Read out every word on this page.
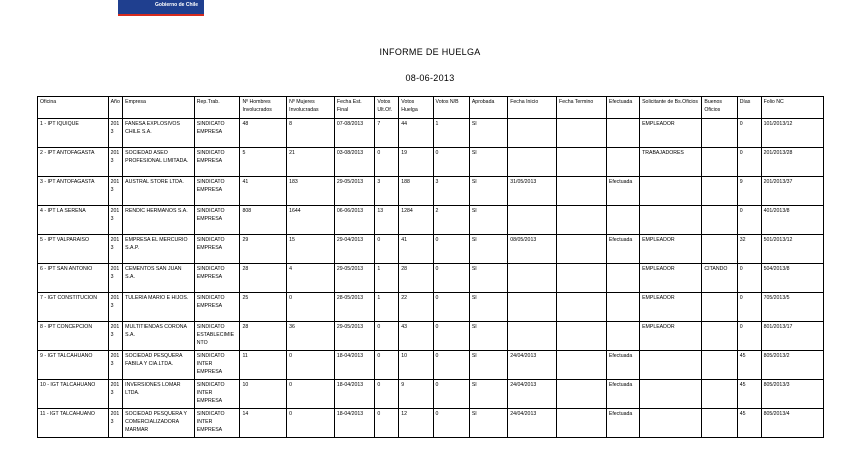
Gobierno de Chile
INFORME DE HUELGA
08-06-2013
Oficina	Año	Empresa	Rep.Trab.	Nº Hombres Involucrados	Nº Mujeres Involucradas	Fecha Est. Final	Votos Ult.Of.	Votos Huelga	Votos N/B	Aprobada	Fecha Inicio	Fecha Termino	Efectuada	Solicitante de Bs.Oficios	Buenos Oficios	Días	Folio NC
1 - IPT IQUIQUE	2013	FANESA EXPLOSIVOS CHILE S.A.	SINDICATO EMPRESA	48	8	07-08/2013	7	44	1	SI				EMPLEADOR		0	101/2013/12
2 - IPT ANTOFAGASTA	2013	SOCIEDAD ASEO PROFESIONAL LIMITADA.	SINDICATO EMPRESA	5	21	03-08/2013	0	19	0	SI				TRABAJADORES		0	201/2013/28
3 - IPT ANTOFAGASTA	2013	AUSTRAL STORE LTDA.	SINDICATO EMPRESA	41	183	29-05/2013	3	188	3	SI	31/05/2013		Efectuada			9	201/2013/37
4 - IPT LA SERENA	2013	RENDIC HERMANOS S.A.	SINDICATO EMPRESA	808	1644	06-06/2013	13	1284	2	SI						0	401/2013/8
5 - IPT VALPARAISO	2013	EMPRESA EL MERCURIO S.A.P.	SINDICATO EMPRESA	29	15	29-04/2013	0	41	0	SI	08/05/2013		Efectuada	EMPLEADOR		32	501/2013/12
6 - IPT SAN ANTONIO	2013	CEMENTOS SAN JUAN S.A.	SINDICATO EMPRESA	28	4	29-05/2013	1	28	0	SI				EMPLEADOR	CITANDO	0	504/2013/8
7 - IGT CONSTITUCION	2013	TULERIA MARIO E HIJOS.	SINDICATO EMPRESA	25	0	28-05/2013	1	22	0	SI				EMPLEADOR		0	705/2013/5
8 - IPT CONCEPCION	2013	MULTITIENDAS CORONA S.A.	SINDICATO ESTABLECIMIENTO	28	36	29-05/2013	0	43	0	SI				EMPLEADOR		0	801/2013/17
9 - IGT TALCAHUANO	2013	SOCIEDAD PESQUERA FABILA Y CIA.LTDA.	SINDICATO INTER EMPRESA	11	0	18-04/2013	0	10	0	SI	24/04/2013		Efectuada			45	805/2013/2
10 - IGT TALCAHUANO	2013	INVERSIONES LOMAR LTDA.	SINDICATO INTER EMPRESA	10	0	18-04/2013	0	9	0	SI	24/04/2013		Efectuada			45	805/2013/3
11 - IGT TALCAHUANO	2013	SOCIEDAD PESQUERA Y COMERCIALIZADORA MARMAR	SINDICATO INTER EMPRESA	14	0	18-04/2013	0	12	0	SI	24/04/2013		Efectuada			45	805/2013/4
